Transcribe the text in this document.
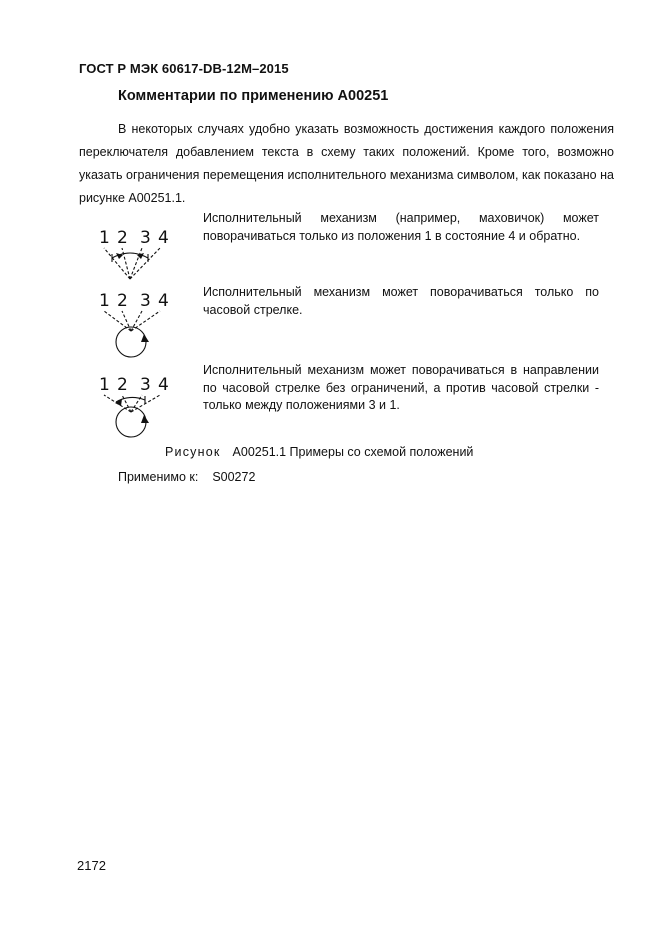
ГОСТ Р МЭК 60617-DB-12M–2015
Комментарии по применению А00251

В некоторых случаях удобно указать возможность достижения каждого положения переключателя добавлением текста в схему таких положений. Кроме того, возможно указать ограничения перемещения исполнительного механизма символом, как показано на рисунке А00251.1.

1 2 3 4

Исполнительный механизм (например, маховичок) может поворачиваться только из положения 1 в состояние 4 и обратно.

1 2 3 4	Исполнительный механизм может поворачиваться только по часовой стрелке.

1 2 3 4

Исполнительный механизм может поворачиваться в направлении по часовой стрелке без ограничений, а против часовой стрелки - только между положениями 3 и 1.

Рисунок А00251.1 Примеры со схемой положений
Применимо к: S00272
2172
